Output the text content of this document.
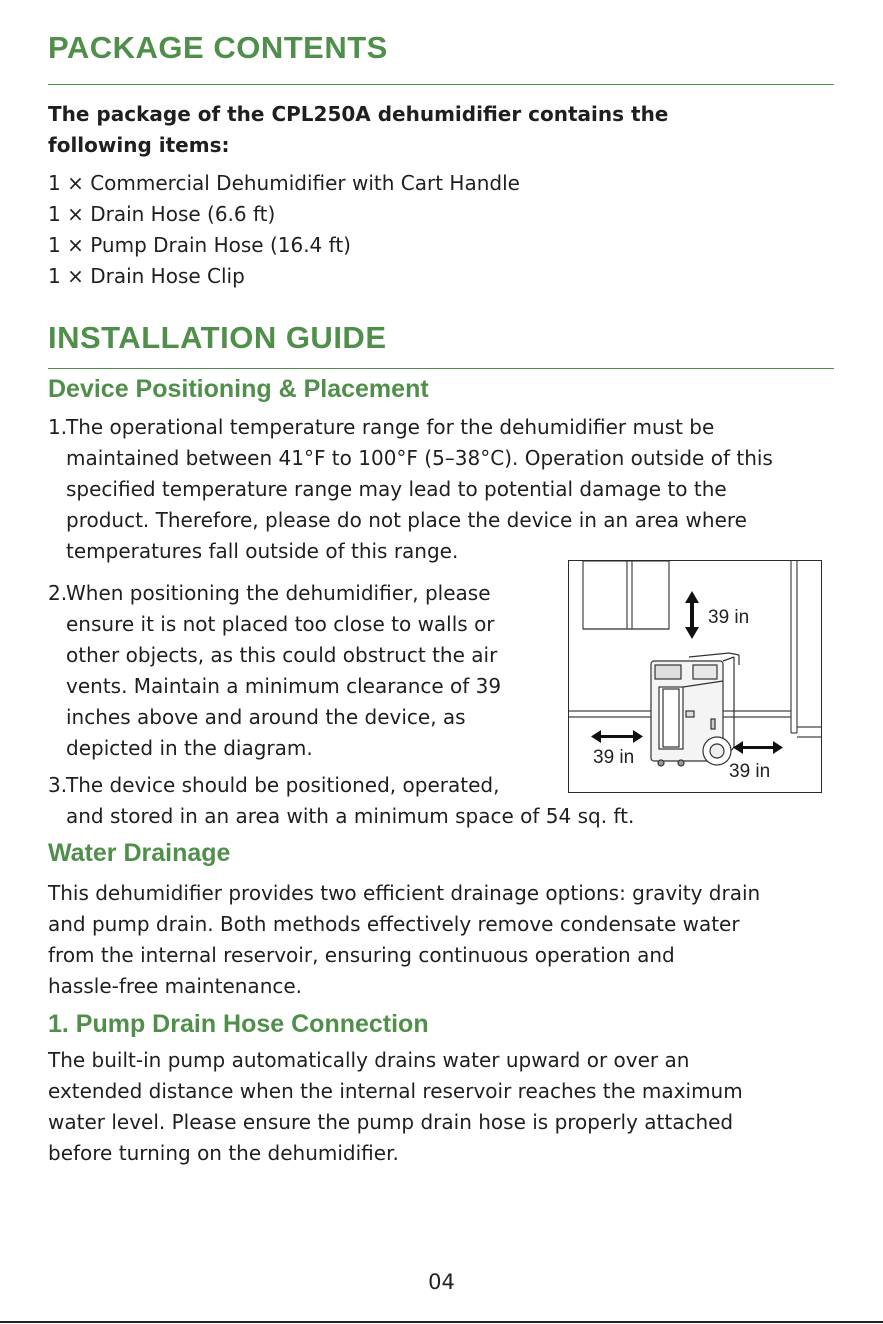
PACKAGE CONTENTS
The package of the CPL250A dehumidifier contains the
following items:
1 × Commercial Dehumidifier with Cart Handle
1 × Drain Hose (6.6 ft)
1 × Pump Drain Hose (16.4 ft)
1 × Drain Hose Clip
INSTALLATION GUIDE
Device Positioning & Placement
1.
The operational temperature range for the dehumidifier must be
maintained between 41°F to 100°F (5–38°C). Operation outside of this
specified temperature range may lead to potential damage to the
product. Therefore, please do not place the device in an area where
temperatures fall outside of this range.
2.
When positioning the dehumidifier, please
ensure it is not placed too close to walls or
other objects, as this could obstruct the air
vents. Maintain a minimum clearance of 39
inches above and around the device, as
depicted in the diagram.
3.
The device should be positioned, operated,
and stored in an area with a minimum space of 54 sq. ft.
39 in
39 in
39 in
Water Drainage
This dehumidifier provides two efficient drainage options: gravity drain
and pump drain. Both methods effectively remove condensate water
from the internal reservoir, ensuring continuous operation and
hassle-free maintenance.
1. Pump Drain Hose Connection
The built-in pump automatically drains water upward or over an
extended distance when the internal reservoir reaches the maximum
water level. Please ensure the pump drain hose is properly attached
before turning on the dehumidifier.
04
